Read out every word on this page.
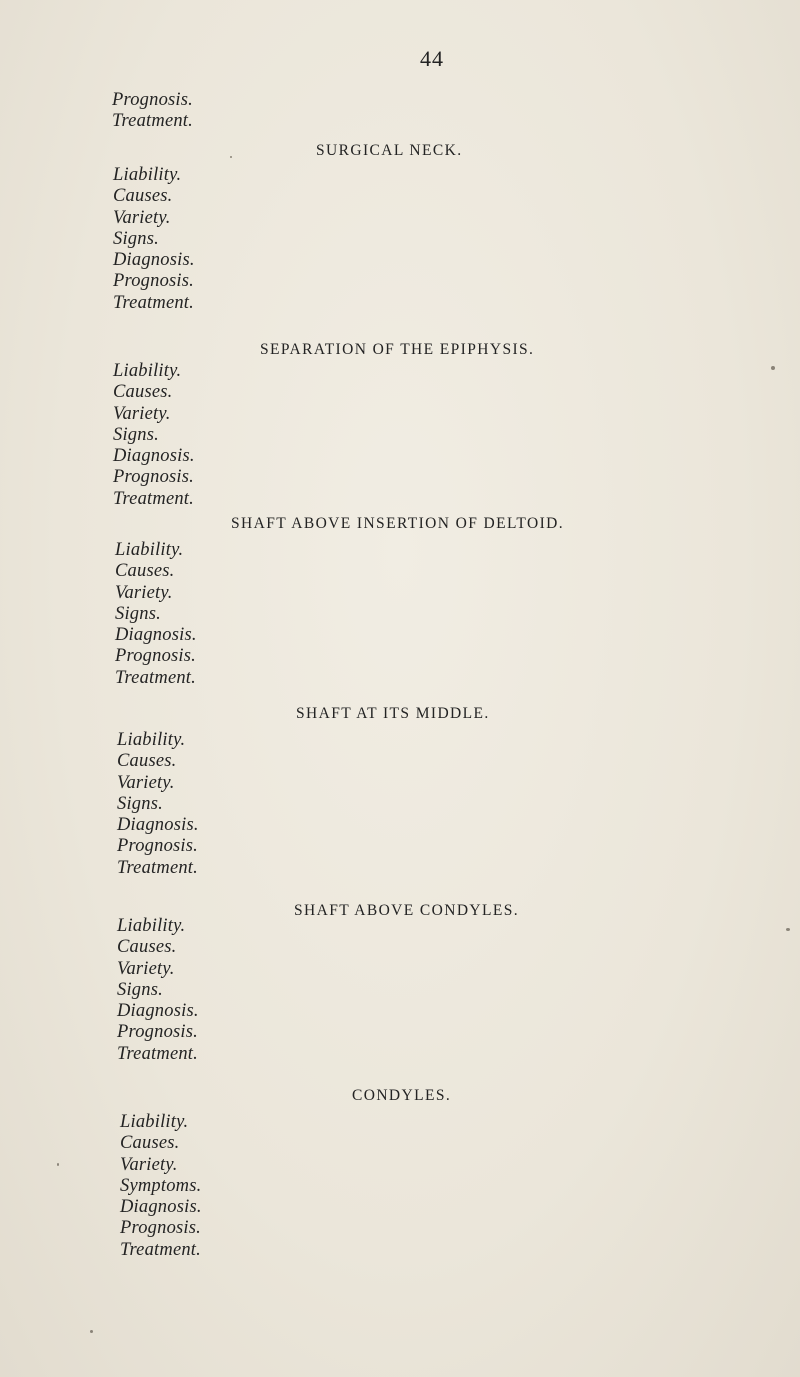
44
SURGICAL NECK.
SEPARATION OF THE EPIPHYSIS.
SHAFT ABOVE INSERTION OF DELTOID.
SHAFT AT ITS MIDDLE.
SHAFT ABOVE CONDYLES.
CONDYLES.
Prognosis.
Treatment.
Liability.
Causes.
Variety.
Signs.
Diagnosis.
Prognosis.
Treatment.
Liability.
Causes.
Variety.
Signs.
Diagnosis.
Prognosis.
Treatment.
Liability.
Causes.
Variety.
Signs.
Diagnosis.
Prognosis.
Treatment.
Liability.
Causes.
Variety.
Signs.
Diagnosis.
Prognosis.
Treatment.
Liability.
Causes.
Variety.
Signs.
Diagnosis.
Prognosis.
Treatment.
Liability.
Causes.
Variety.
Symptoms.
Diagnosis.
Prognosis.
Treatment.
